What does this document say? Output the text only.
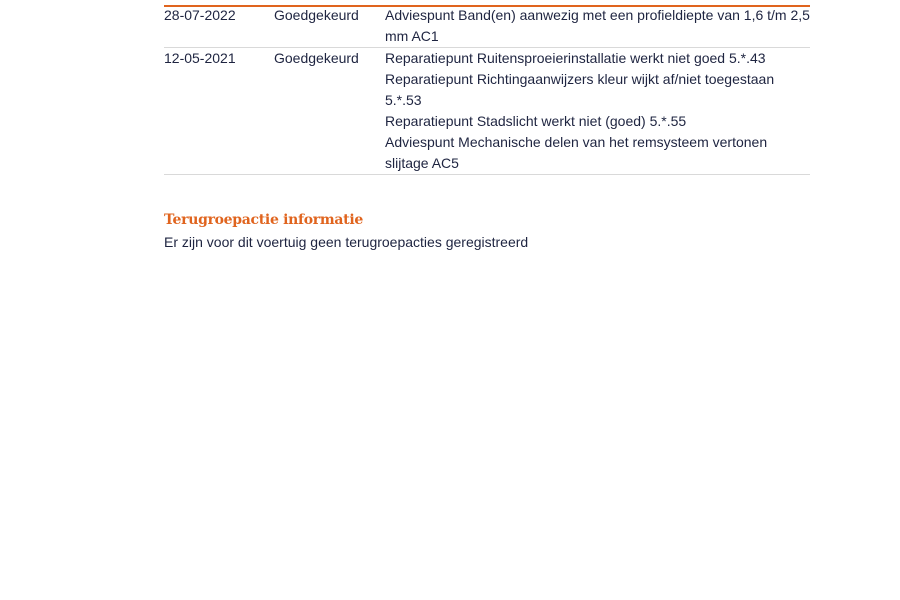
28-07-2022	Goedgekeurd	Adviespunt Band(en) aanwezig met een profieldiepte van 1,6 t/m 2,5 mm AC1

12-05-2021	Goedgekeurd	Reparatiepunt Ruitensproeierinstallatie werkt niet goed 5.*.43
Reparatiepunt Richtingaanwijzers kleur wijkt af/niet toegestaan 5.*.53
Reparatiepunt Stadslicht werkt niet (goed) 5.*.55
Adviespunt Mechanische delen van het remsysteem vertonen slijtage AC5
Terugroepactie informatie
Er zijn voor dit voertuig geen terugroepacties geregistreerd
